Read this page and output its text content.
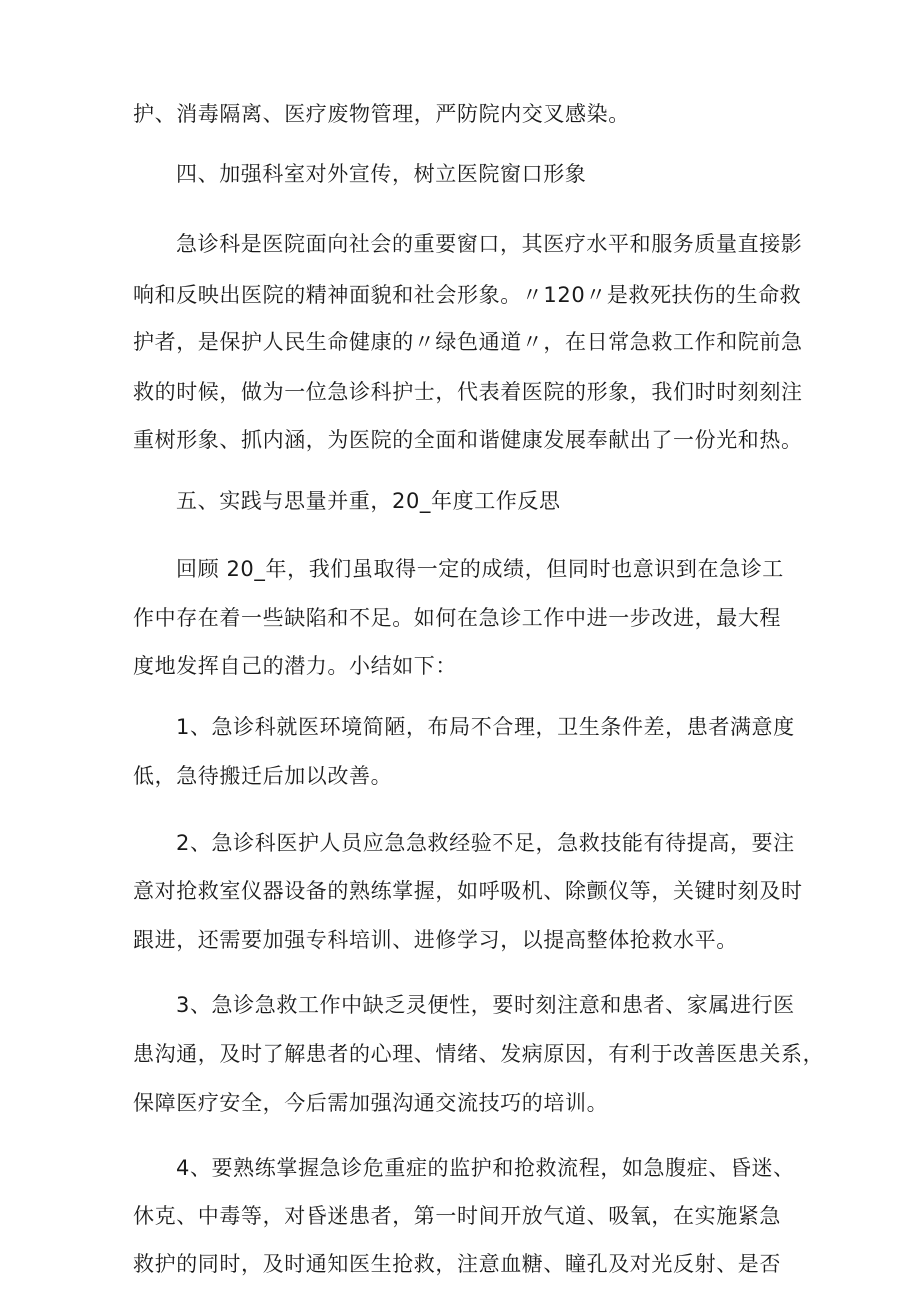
护、消毒隔离、医疗废物管理，严防院内交叉感染。
四、加强科室对外宣传，树立医院窗口形象
急诊科是医院面向社会的重要窗口，其医疗水平和服务质量直接影
响和反映出医院的精神面貌和社会形象。〃120〃是救死扶伤的生命救
护者，是保护人民生命健康的〃绿色通道〃，在日常急救工作和院前急
救的时候，做为一位急诊科护士，代表着医院的形象，我们时时刻刻注
重树形象、抓内涵，为医院的全面和谐健康发展奉献出了一份光和热。
五、实践与思量并重，20_年度工作反思
回顾 20_年，我们虽取得一定的成绩，但同时也意识到在急诊工
作中存在着一些缺陷和不足。如何在急诊工作中进一步改进，最大程
度地发挥自己的潜力。小结如下：
1、急诊科就医环境简陋，布局不合理，卫生条件差，患者满意度
低，急待搬迁后加以改善。
2、急诊科医护人员应急急救经验不足，急救技能有待提高，要注
意对抢救室仪器设备的熟练掌握，如呼吸机、除颤仪等，关键时刻及时
跟进，还需要加强专科培训、进修学习，以提高整体抢救水平。
3、急诊急救工作中缺乏灵便性，要时刻注意和患者、家属进行医
患沟通，及时了解患者的心理、情绪、发病原因，有利于改善医患关系，
保障医疗安全，今后需加强沟通交流技巧的培训。
4、要熟练掌握急诊危重症的监护和抢救流程，如急腹症、昏迷、
休克、中毒等，对昏迷患者，第一时间开放气道、吸氧，在实施紧急
救护的同时，及时通知医生抢救，注意血糖、瞳孔及对光反射、是否
